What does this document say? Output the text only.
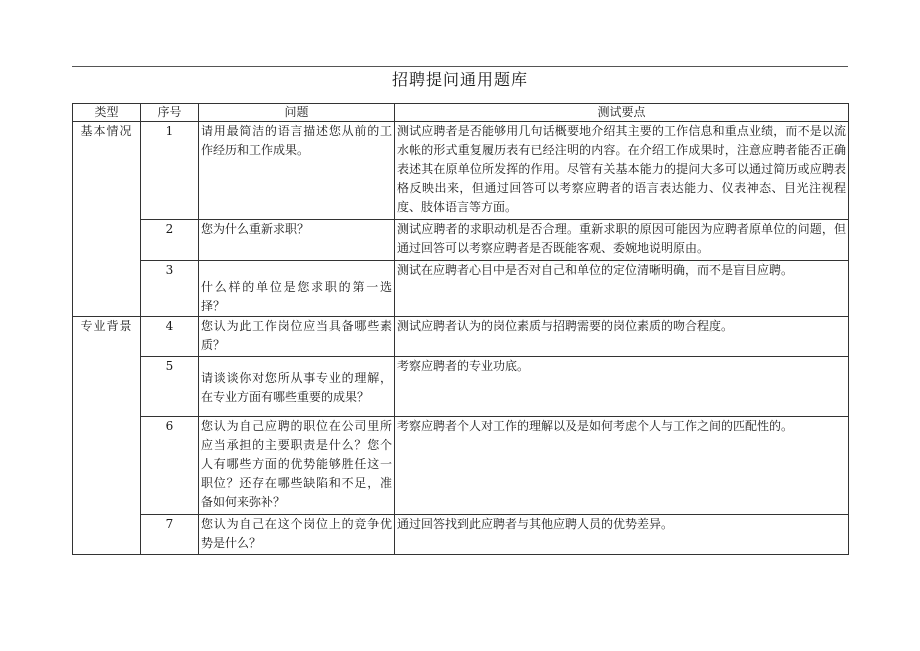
招聘提问通用题库
类型	序号	问题	测试要点
基本情况	1	请用最简洁的语言描述您从前的工作经历和工作成果。	测试应聘者是否能够用几句话概要地介绍其主要的工作信息和重点业绩，而不是以流水帐的形式重复履历表有已经注明的内容。在介绍工作成果时，注意应聘者能否正确表述其在原单位所发挥的作用。尽管有关基本能力的提问大多可以通过简历或应聘表格反映出来，但通过回答可以考察应聘者的语言表达能力、仪表神态、目光注视程度、肢体语言等方面。
	2	您为什么重新求职？	测试应聘者的求职动机是否合理。重新求职的原因可能因为应聘者原单位的问题，但通过回答可以考察应聘者是否既能客观、委婉地说明原由。
	3	什么样的单位是您求职的第一选择？	测试在应聘者心目中是否对自己和单位的定位清晰明确，而不是盲目应聘。
专业背景	4	您认为此工作岗位应当具备哪些素质？	测试应聘者认为的岗位素质与招聘需要的岗位素质的吻合程度。
	5	请谈谈你对您所从事专业的理解，在专业方面有哪些重要的成果？	考察应聘者的专业功底。
	6	您认为自己应聘的职位在公司里所应当承担的主要职责是什么？您个人有哪些方面的优势能够胜任这一职位？还存在哪些缺陷和不足，准备如何来弥补？	考察应聘者个人对工作的理解以及是如何考虑个人与工作之间的匹配性的。
	7	您认为自己在这个岗位上的竞争优势是什么？	通过回答找到此应聘者与其他应聘人员的优势差异。
